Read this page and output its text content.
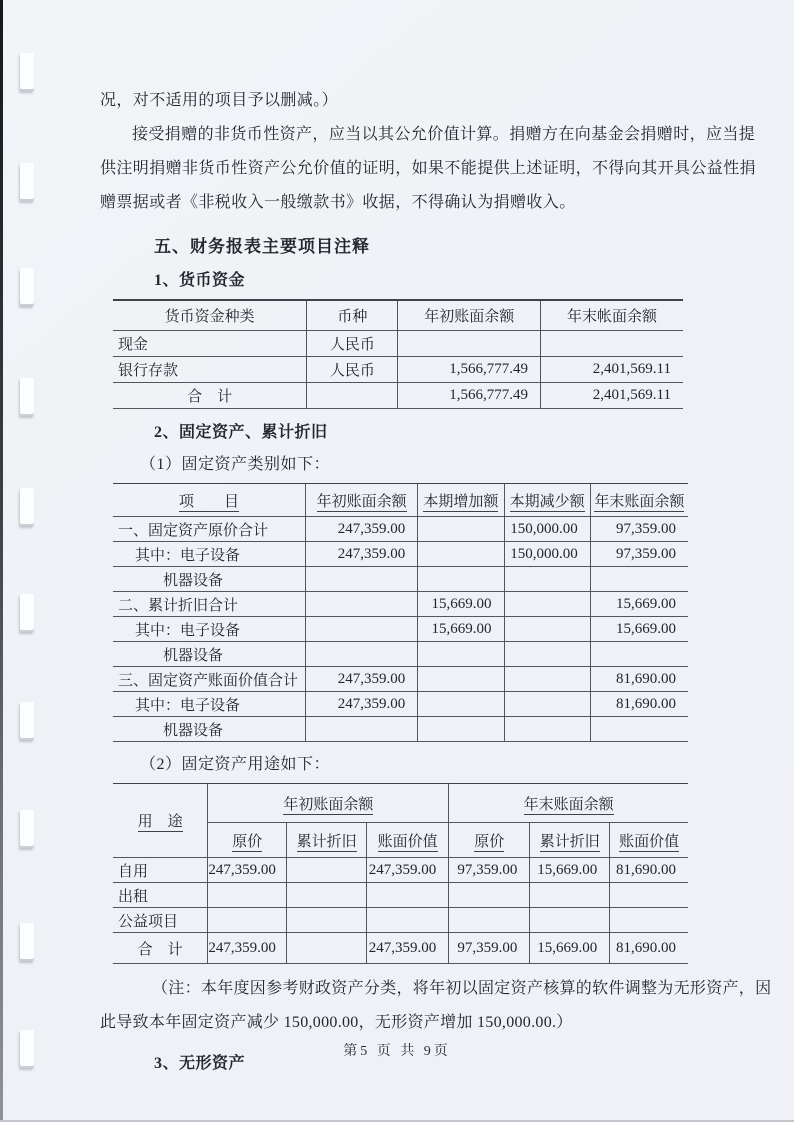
况，对不适用的项目予以删减。）

接受捐赠的非货币性资产，应当以其公允价值计算。捐赠方在向基金会捐赠时，应当提

供注明捐赠非货币性资产公允价值的证明，如果不能提供上述证明，不得向其开具公益性捐

赠票据或者《非税收入一般缴款书》收据，不得确认为捐赠收入。

五、财务报表主要项目注释
1、货币资金
货币资金种类	币种	年初账面余额	年末帐面余额
现金	人民币		
银行存款	人民币	1,566,777.49	2,401,569.11
合　计		1,566,777.49	2,401,569.11
2、固定资产、累计折旧
（1）固定资产类别如下：
项　　目	年初账面余额	本期增加额	本期减少额	年末账面余额
一、固定资产原价合计	247,359.00		150,000.00	97,359.00
其中：电子设备	247,359.00		150,000.00	97,359.00
机器设备				
二、累计折旧合计		15,669.00		15,669.00
其中：电子设备		15,669.00		15,669.00
机器设备				
三、固定资产账面价值合计	247,359.00			81,690.00
其中：电子设备	247,359.00			81,690.00
机器设备				
（2）固定资产用途如下：
用　途	年初账面余额			年末账面余额		
	原价	累计折旧	账面价值	原价	累计折旧	账面价值
自用	247,359.00		247,359.00	97,359.00	15,669.00	81,690.00
出租						
公益项目						
合　计	247,359.00		247,359.00	97,359.00	15,669.00	81,690.00

（注：本年度因参考财政资产分类，将年初以固定资产核算的软件调整为无形资产，因

此导致本年固定资产减少 150,000.00，无形资产增加 150,000.00.）

3、无形资产
第5 页 共 9页
